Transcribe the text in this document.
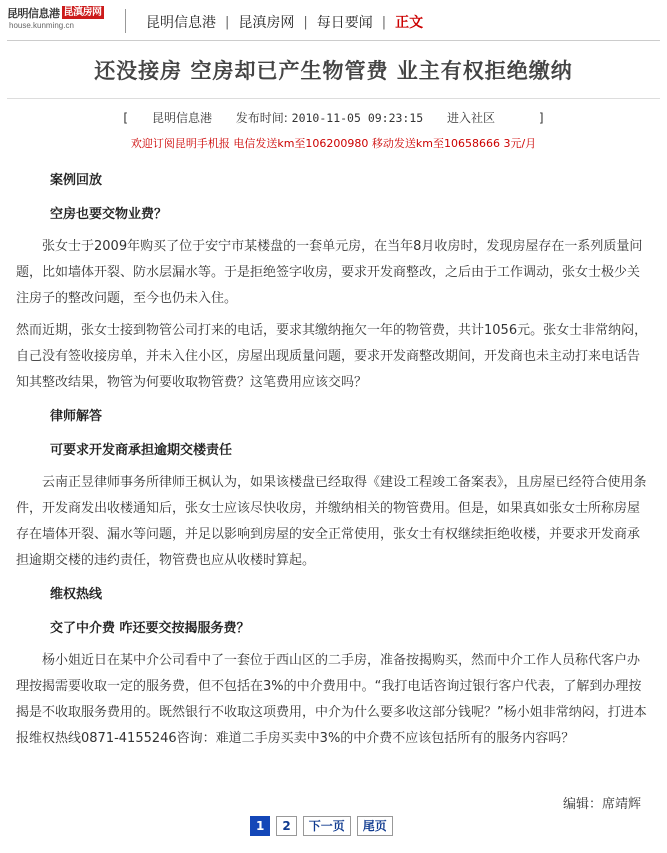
昆明信息港 昆滇房网
house.kunming.cn	昆明信息港 | 昆滇房网 | 每日要闻 | 正文
还没接房 空房却已产生物管费 业主有权拒绝缴纳
[ 昆明信息港 发布时间: 2010-11-05 09:23:15 进入社区	]
欢迎订阅昆明手机报 电信发送km至106200980 移动发送km至10658666 3元/月

案例回放

空房也要交物业费？

张女士于2009年购买了位于安宁市某楼盘的一套单元房，在当年8月收房时，发现房屋存在一系列质量问题，比如墙体开裂、防水层漏水等。于是拒绝签字收房，要求开发商整改，之后由于工作调动，张女士极少关注房子的整改问题，至今也仍未入住。

然而近期，张女士接到物管公司打来的电话，要求其缴纳拖欠一年的物管费，共计1056元。张女士非常纳闷，自己没有签收接房单，并未入住小区，房屋出现质量问题，要求开发商整改期间，开发商也未主动打来电话告知其整改结果，物管为何要收取物管费？这笔费用应该交吗？

律师解答

可要求开发商承担逾期交楼责任

云南正昱律师事务所律师王枫认为，如果该楼盘已经取得《建设工程竣工备案表》，且房屋已经符合使用条件，开发商发出收楼通知后，张女士应该尽快收房，并缴纳相关的物管费用。但是，如果真如张女士所称房屋存在墙体开裂、漏水等问题，并足以影响到房屋的安全正常使用，张女士有权继续拒绝收楼，并要求开发商承担逾期交楼的违约责任，物管费也应从收楼时算起。

维权热线

交了中介费 咋还要交按揭服务费？

杨小姐近日在某中介公司看中了一套位于西山区的二手房，准备按揭购买，然而中介工作人员称代客户办理按揭需要收取一定的服务费，但不包括在3%的中介费用中。“我打电话咨询过银行客户代表，了解到办理按揭是不收取服务费用的。既然银行不收取这项费用，中介为什么要多收这部分钱呢？”杨小姐非常纳闷，打进本报维权热线0871-4155246咨询：难道二手房买卖中3%的中介费不应该包括所有的服务内容吗？

编辑：席靖辉
1	2	下一页	尾页
